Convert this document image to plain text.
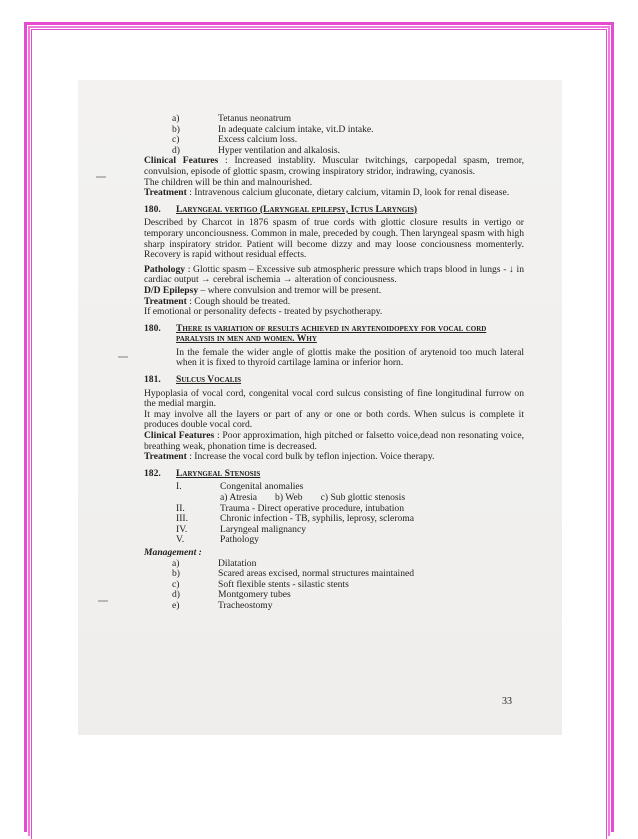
a)	Tetanus neonatrum
b)	In adequate calcium intake, vit.D intake.
c)	Excess calcium loss.
d)	Hyper ventilation and alkalosis.

Clinical Features : Increased instablity. Muscular twitchings, carpopedal spasm, tremor, convulsion, episode of glottic spasm, crowing inspiratory stridor, indrawing, cyanosis.

The children will be thin and malnourished.

Treatment : Intravenous calcium gluconate, dietary calcium, vitamin D, look for renal disease.

180.	Laryngeal vertigo (Laryngeal epilepsy, Ictus Laryngis)

Described by Charcot in 1876 spasm of true cords with glottic closure results in vertigo or temporary unconciousness. Common in male, preceded by cough. Then laryngeal spasm with high sharp inspiratory stridor. Patient will become dizzy and may loose conciousness momenterly. Recovery is rapid without residual effects.

Pathology : Glottic spasm – Excessive sub atmospheric pressure which traps blood in lungs - ↓ in cardiac output → cerebral ischemia → alteration of conciousness.

D/D Epilepsy – where convulsion and tremor will be present.

Treatment : Cough should be treated.

If emotional or personality defects - treated by psychotherapy.

180.	There is variation of results achieved in arytenoidopexy for vocal cord paralysis in men and women. Why

In the female the wider angle of glottis make the position of arytenoid too much lateral when it is fixed to thyroid cartilage lamina or inferior horn.

181.	Sulcus Vocalis

Hypoplasia of vocal cord, congenital vocal cord sulcus consisting of fine longitudinal furrow on the medial margin.

It may involve all the layers or part of any or one or both cords. When sulcus is complete it produces double vocal cord.

Clinical Features : Poor approximation, high pitched or falsetto voice,dead non resonating voice, breathing weak, phonation time is decreased.

Treatment : Increase the vocal cord bulk by teflon injection. Voice therapy.

182.	Laryngeal Stenosis
I.	Congenital anomalies
a) Atresia b) Web c) Sub glottic stenosis
II.	Trauma - Direct operative procedure, intubation
III.	Chronic infection - TB, syphilis, leprosy, scleroma
IV.	Laryngeal malignancy
V.	Pathology

Management :

a)	Dilatation
b)	Scared areas excised, normal structures maintained
c)	Soft flexible stents - silastic stents
d)	Montgomery tubes
e)	Tracheostomy
33
